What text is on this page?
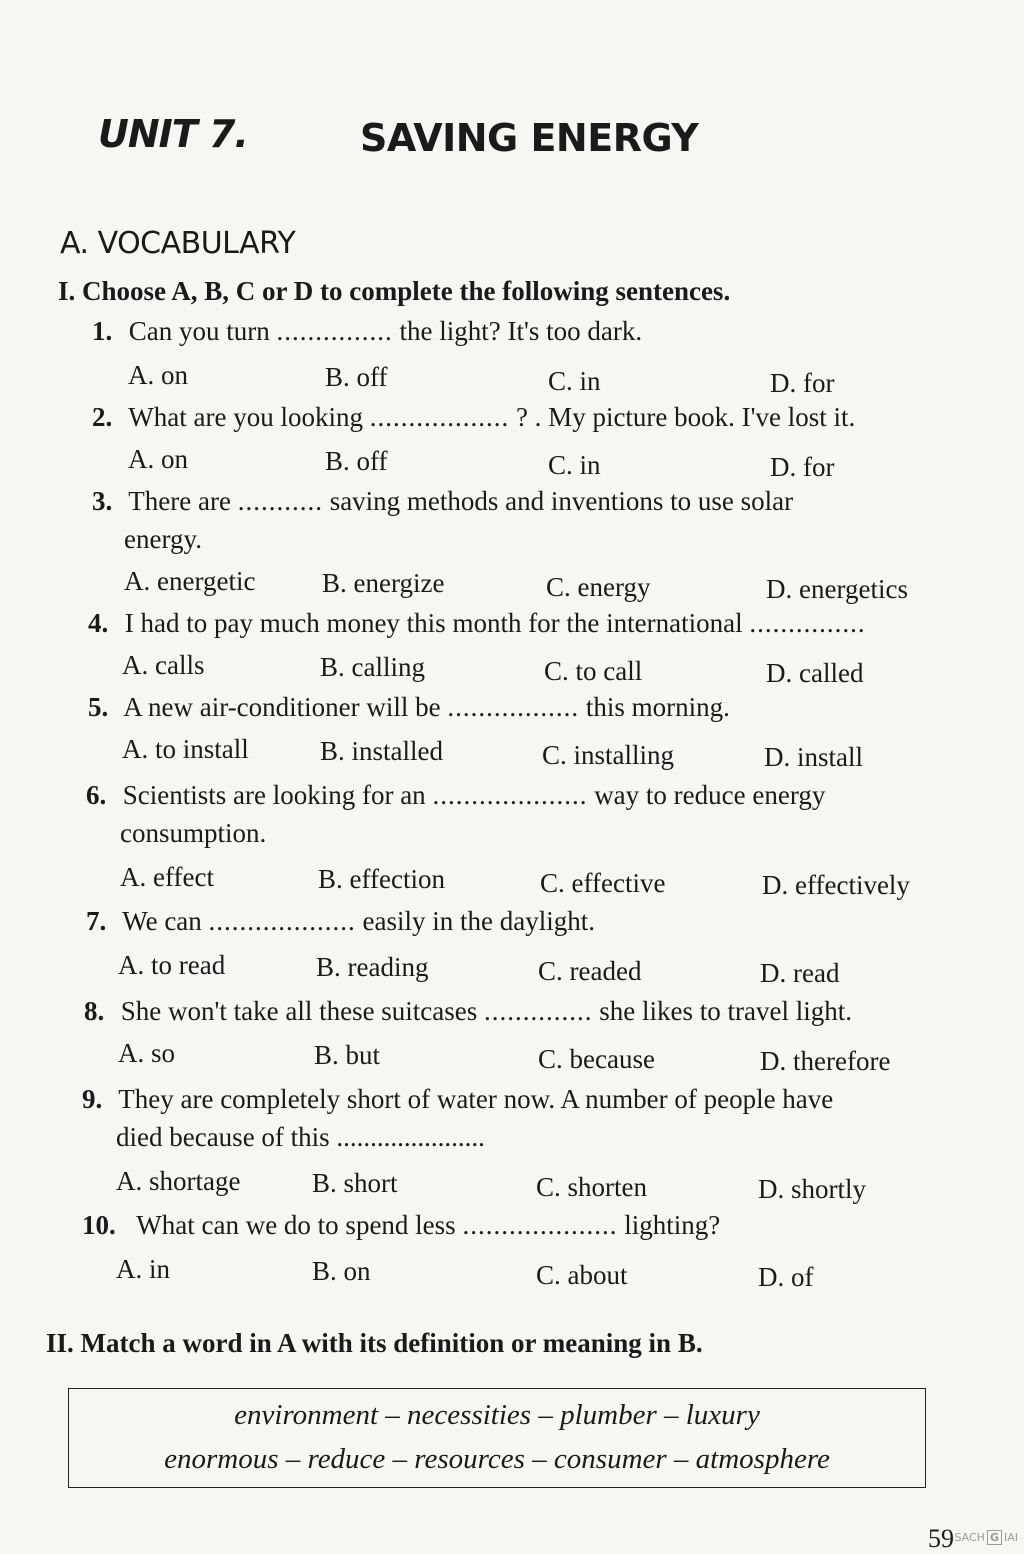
UNIT 7.	SAVING ENERGY
A. VOCABULARY
I. Choose A, B, C or D to complete the following sentences.
1. Can you turn ............... the light? It's too dark.
A. on	B. off	C. in	D. for
2. What are you looking .................. ? . My picture book. I've lost it.
A. on	B. off	C. in	D. for
3. There are ........... saving methods and inventions to use solar
energy.
A. energetic B. energize	C. energy	D. energetics
4. I had to pay much money this month for the international ...............
A. calls	B. calling	C. to call	D. called
5. A new air-conditioner will be ................. this morning.
A. to install	B. installed	C. installing	D. install
6. Scientists are looking for an .................... way to reduce energy
consumption.
A. effect	B. effection	C. effective	D. effectively
7. We can ................... easily in the daylight.
A. to read	B. reading	C. readed	D. read
8. She won't take all these suitcases .............. she likes to travel light.
A. so	B. but	C. because	D. therefore
9. They are completely short of water now. A number of people have
died because of this ......................
A. shortage	B. short	C. shorten	D. shortly
10. What can we do to spend less .................... lighting?
A. in	B. on	C. about	D. of
II. Match a word in A with its definition or meaning in B.
environment – necessities – plumber – luxury
enormous – reduce – resources – consumer – atmosphere
59 SACH G IAI
